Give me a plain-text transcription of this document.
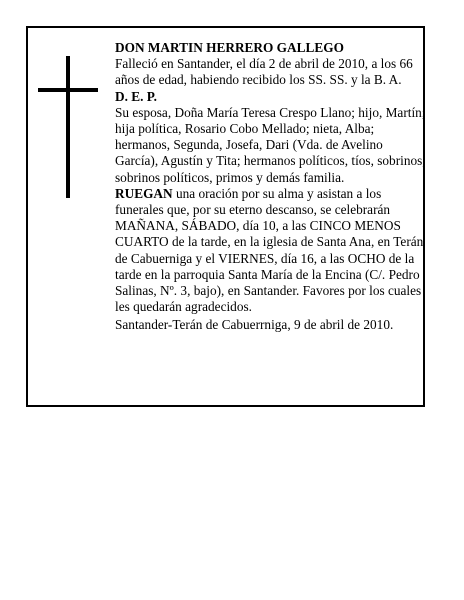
DON MARTIN HERRERO GALLEGO

Falleció en Santander, el día 2 de abril de 2010, a los 66 años de edad, habiendo recibido los SS. SS. y la B. A.

D. E. P.

Su esposa, Doña María Teresa Crespo Llano; hijo, Martín; hija política, Rosario Cobo Mellado; nieta, Alba; hermanos, Segunda, Josefa, Dari (Vda. de Avelino García), Agustín y Tita; hermanos políticos, tíos, sobrinos, sobrinos políticos, primos y demás familia.

RUEGAN una oración por su alma y asistan a los funerales que, por su eterno descanso, se celebrarán MAÑANA, SÁBADO, día 10, a las CINCO MENOS CUARTO de la tarde, en la iglesia de Santa Ana, en Terán de Cabuerniga y el VIERNES, día 16, a las OCHO de la tarde en la parroquia Santa María de la Encina (C/. Pedro Salinas, Nº. 3, bajo), en Santander. Favores por los cuales les quedarán agradecidos.

Santander-Terán de Cabuerrniga, 9 de abril de 2010.
